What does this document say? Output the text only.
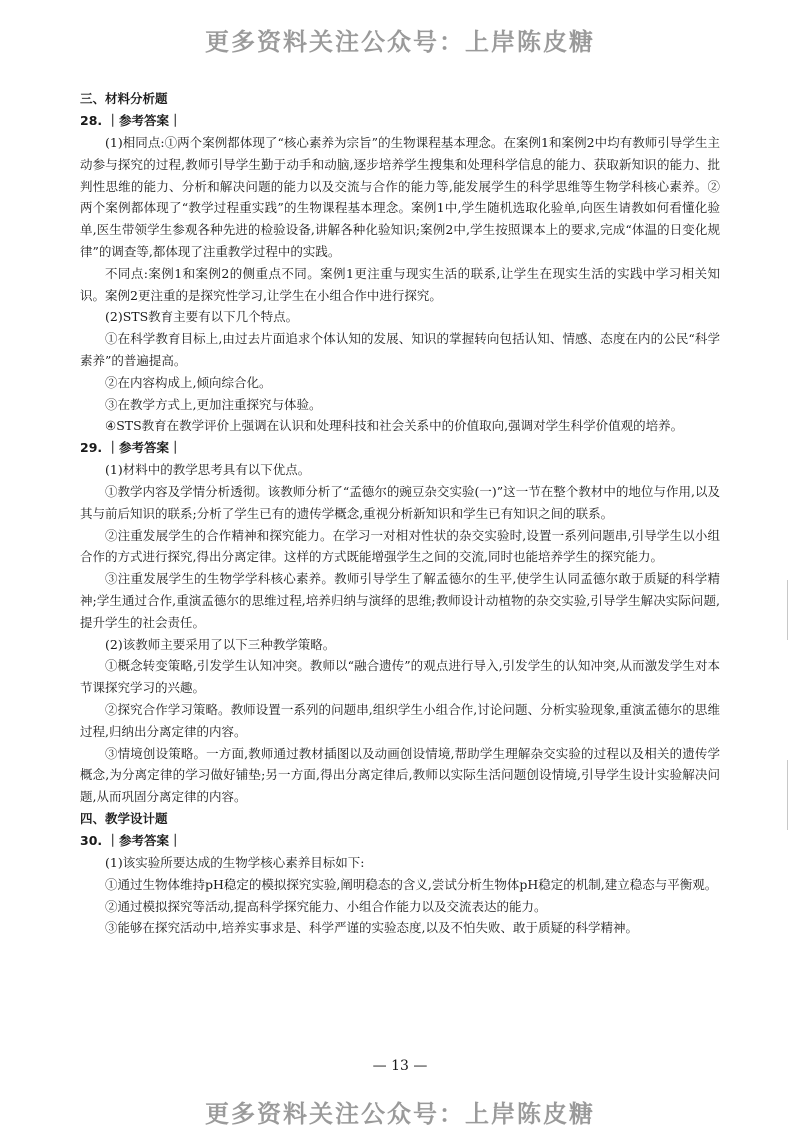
更多资料关注公众号：上岸陈皮糖

三、材料分析题

28. ｜参考答案｜

(1)相同点:①两个案例都体现了“核心素养为宗旨”的生物课程基本理念。在案例1和案例2中均有教师引导学生主动参与探究的过程,教师引导学生勤于动手和动脑,逐步培养学生搜集和处理科学信息的能力、获取新知识的能力、批判性思维的能力、分析和解决问题的能力以及交流与合作的能力等,能发展学生的科学思维等生物学科核心素养。②两个案例都体现了“教学过程重实践”的生物课程基本理念。案例1中,学生随机选取化验单,向医生请教如何看懂化验单,医生带领学生参观各种先进的检验设备,讲解各种化验知识;案例2中,学生按照课本上的要求,完成“体温的日变化规律”的调查等,都体现了注重教学过程中的实践。

不同点:案例1和案例2的侧重点不同。案例1更注重与现实生活的联系,让学生在现实生活的实践中学习相关知识。案例2更注重的是探究性学习,让学生在小组合作中进行探究。

(2)STS教育主要有以下几个特点。

①在科学教育目标上,由过去片面追求个体认知的发展、知识的掌握转向包括认知、情感、态度在内的公民“科学素养”的普遍提高。

②在内容构成上,倾向综合化。

③在教学方式上,更加注重探究与体验。

④STS教育在教学评价上强调在认识和处理科技和社会关系中的价值取向,强调对学生科学价值观的培养。

29. ｜参考答案｜

(1)材料中的教学思考具有以下优点。

①教学内容及学情分析透彻。该教师分析了“孟德尔的豌豆杂交实验(一)”这一节在整个教材中的地位与作用,以及其与前后知识的联系;分析了学生已有的遗传学概念,重视分析新知识和学生已有知识之间的联系。

②注重发展学生的合作精神和探究能力。在学习一对相对性状的杂交实验时,设置一系列问题串,引导学生以小组合作的方式进行探究,得出分离定律。这样的方式既能增强学生之间的交流,同时也能培养学生的探究能力。

③注重发展学生的生物学学科核心素养。教师引导学生了解孟德尔的生平,使学生认同孟德尔敢于质疑的科学精神;学生通过合作,重演孟德尔的思维过程,培养归纳与演绎的思维;教师设计动植物的杂交实验,引导学生解决实际问题,提升学生的社会责任。

(2)该教师主要采用了以下三种教学策略。

①概念转变策略,引发学生认知冲突。教师以“融合遗传”的观点进行导入,引发学生的认知冲突,从而激发学生对本节课探究学习的兴趣。

②探究合作学习策略。教师设置一系列的问题串,组织学生小组合作,讨论问题、分析实验现象,重演孟德尔的思维过程,归纳出分离定律的内容。

③情境创设策略。一方面,教师通过教材插图以及动画创设情境,帮助学生理解杂交实验的过程以及相关的遗传学概念,为分离定律的学习做好铺垫;另一方面,得出分离定律后,教师以实际生活问题创设情境,引导学生设计实验解决问题,从而巩固分离定律的内容。

四、教学设计题

30. ｜参考答案｜

(1)该实验所要达成的生物学核心素养目标如下:

①通过生物体维持pH稳定的模拟探究实验,阐明稳态的含义,尝试分析生物体pH稳定的机制,建立稳态与平衡观。

②通过模拟探究等活动,提高科学探究能力、小组合作能力以及交流表达的能力。

③能够在探究活动中,培养实事求是、科学严谨的实验态度,以及不怕失败、敢于质疑的科学精神。

— 13 —
更多资料关注公众号：上岸陈皮糖
